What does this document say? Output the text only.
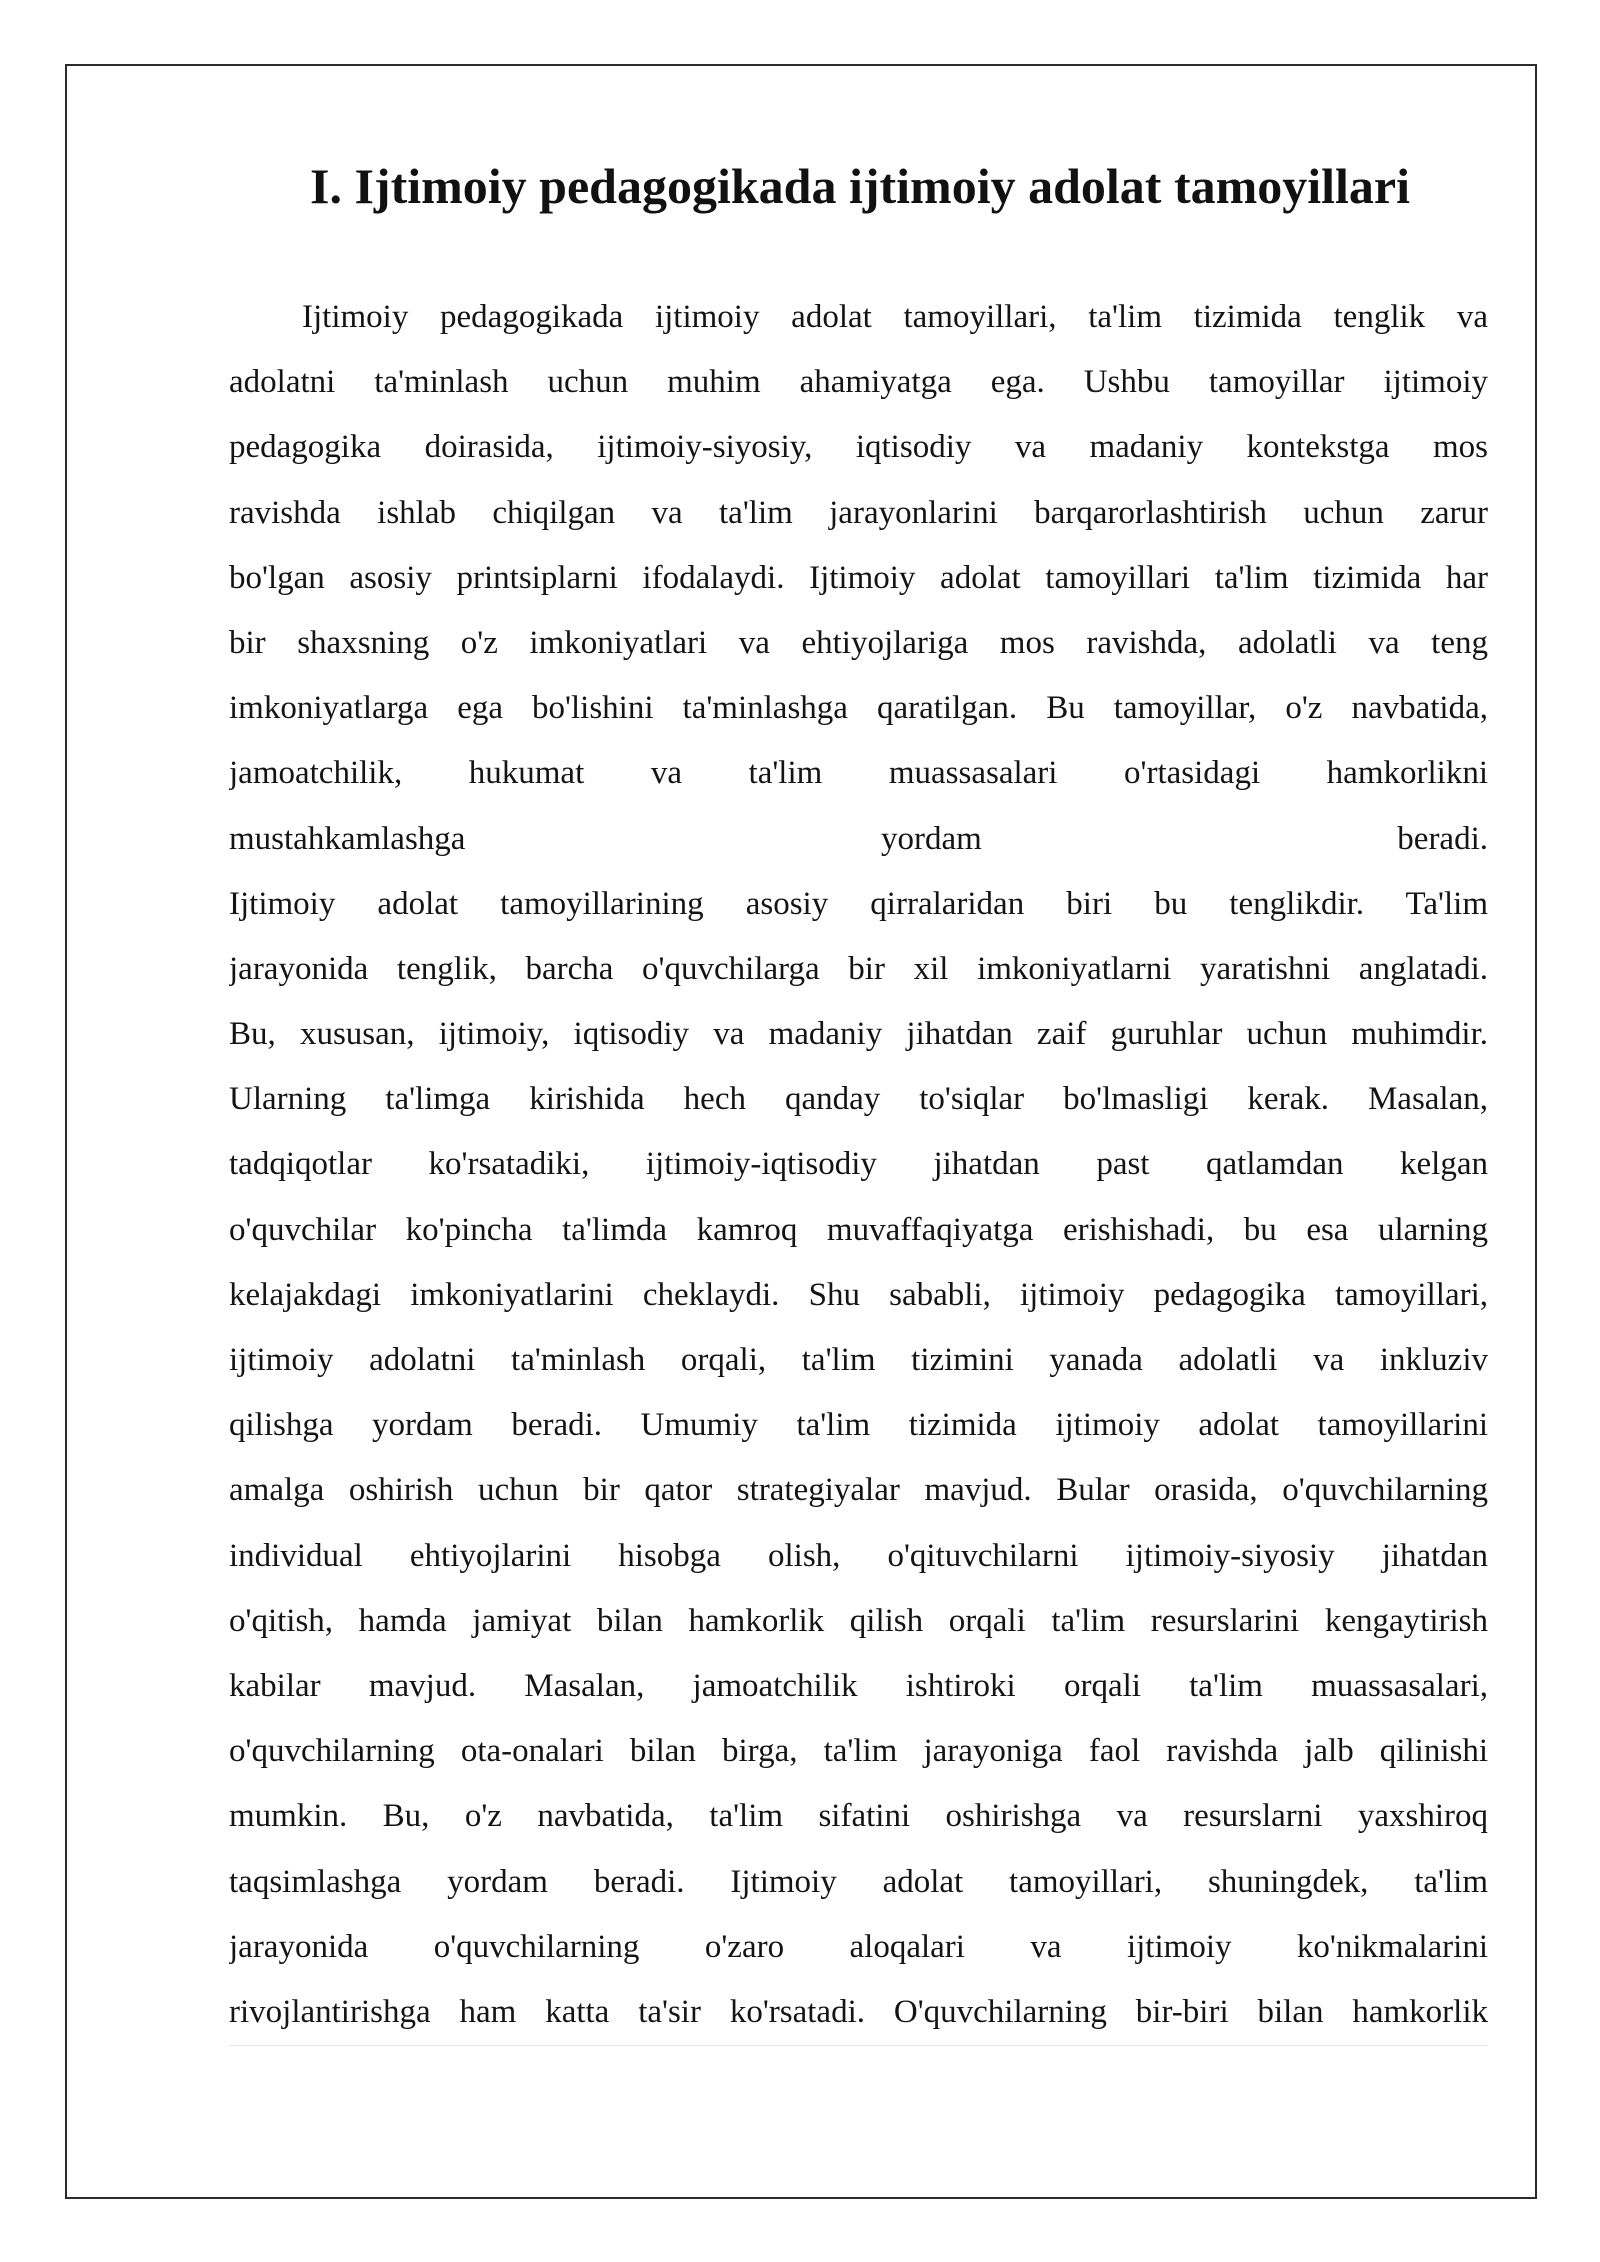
I. Ijtimoiy pedagogikada ijtimoiy adolat tamoyillari
Ijtimoiy pedagogikada ijtimoiy adolat tamoyillari, ta'lim tizimida tenglik va
adolatni ta'minlash uchun muhim ahamiyatga ega. Ushbu tamoyillar ijtimoiy
pedagogika doirasida, ijtimoiy-siyosiy, iqtisodiy va madaniy kontekstga mos
ravishda ishlab chiqilgan va ta'lim jarayonlarini barqarorlashtirish uchun zarur
bo'lgan asosiy printsiplarni ifodalaydi. Ijtimoiy adolat tamoyillari ta'lim tizimida har
bir shaxsning o'z imkoniyatlari va ehtiyojlariga mos ravishda, adolatli va teng
imkoniyatlarga ega bo'lishini ta'minlashga qaratilgan. Bu tamoyillar, o'z navbatida,
jamoatchilik, hukumat va ta'lim muassasalari o'rtasidagi hamkorlikni
mustahkamlashga yordam beradi.
Ijtimoiy adolat tamoyillarining asosiy qirralaridan biri bu tenglikdir. Ta'lim
jarayonida tenglik, barcha o'quvchilarga bir xil imkoniyatlarni yaratishni anglatadi.
Bu, xususan, ijtimoiy, iqtisodiy va madaniy jihatdan zaif guruhlar uchun muhimdir.
Ularning ta'limga kirishida hech qanday to'siqlar bo'lmasligi kerak. Masalan,
tadqiqotlar ko'rsatadiki, ijtimoiy-iqtisodiy jihatdan past qatlamdan kelgan
o'quvchilar ko'pincha ta'limda kamroq muvaffaqiyatga erishishadi, bu esa ularning
kelajakdagi imkoniyatlarini cheklaydi. Shu sababli, ijtimoiy pedagogika tamoyillari,
ijtimoiy adolatni ta'minlash orqali, ta'lim tizimini yanada adolatli va inkluziv
qilishga yordam beradi. Umumiy ta'lim tizimida ijtimoiy adolat tamoyillarini
amalga oshirish uchun bir qator strategiyalar mavjud. Bular orasida, o'quvchilarning
individual ehtiyojlarini hisobga olish, o'qituvchilarni ijtimoiy-siyosiy jihatdan
o'qitish, hamda jamiyat bilan hamkorlik qilish orqali ta'lim resurslarini kengaytirish
kabilar mavjud. Masalan, jamoatchilik ishtiroki orqali ta'lim muassasalari,
o'quvchilarning ota-onalari bilan birga, ta'lim jarayoniga faol ravishda jalb qilinishi
mumkin. Bu, o'z navbatida, ta'lim sifatini oshirishga va resurslarni yaxshiroq
taqsimlashga yordam beradi. Ijtimoiy adolat tamoyillari, shuningdek, ta'lim
jarayonida o'quvchilarning o'zaro aloqalari va ijtimoiy ko'nikmalarini
rivojlantirishga ham katta ta'sir ko'rsatadi. O'quvchilarning bir-biri bilan hamkorlik
